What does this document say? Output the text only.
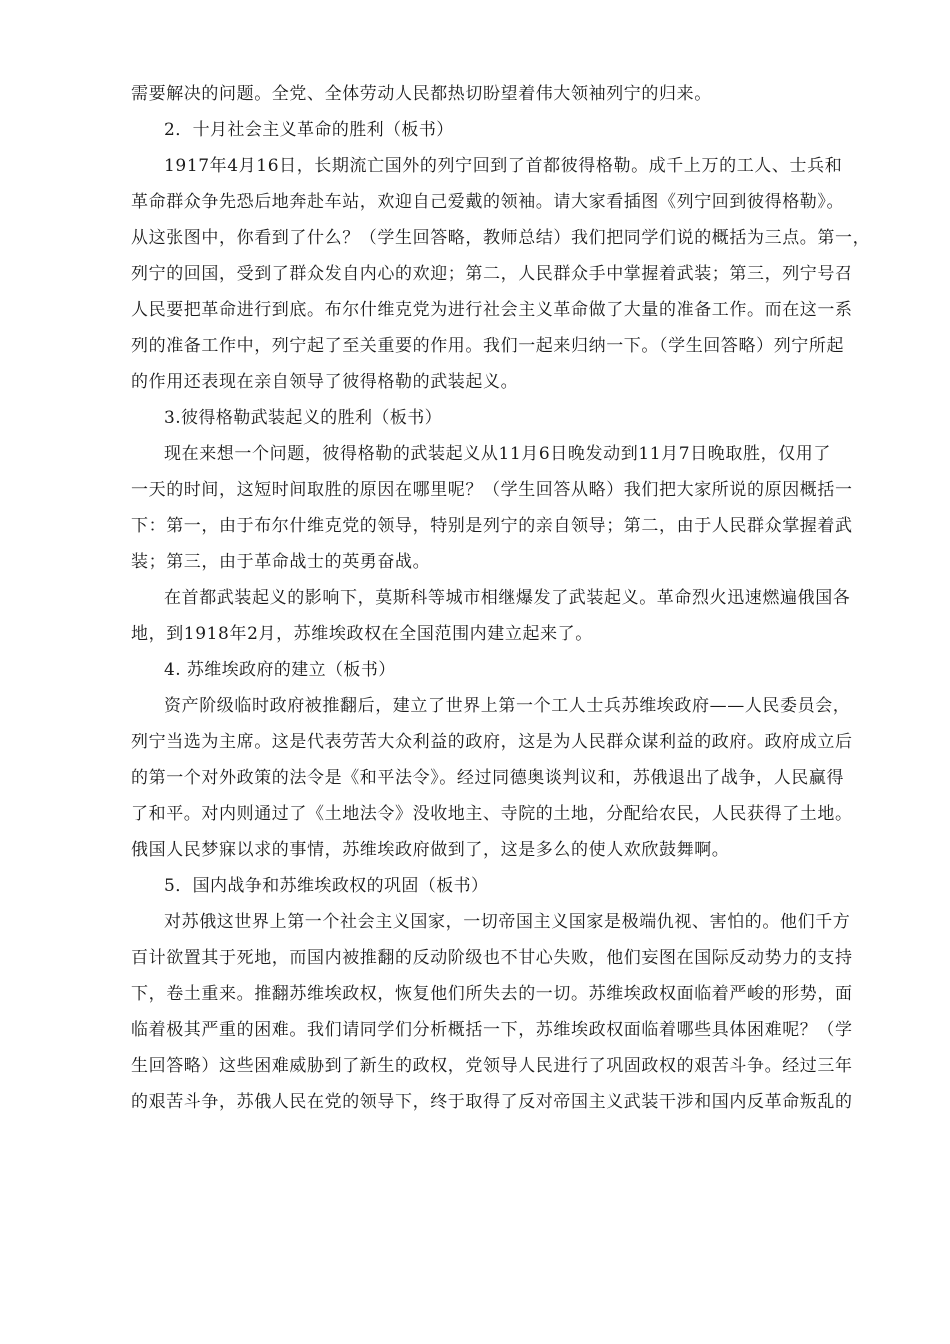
需要解决的问题。全党、全体劳动人民都热切盼望着伟大领袖列宁的归来。
2．十月社会主义革命的胜利（板书）
1917年4月16日，长期流亡国外的列宁回到了首都彼得格勒。成千上万的工人、士兵和
革命群众争先恐后地奔赴车站，欢迎自己爱戴的领袖。请大家看插图《列宁回到彼得格勒》。
从这张图中，你看到了什么？（学生回答略，教师总结）我们把同学们说的概括为三点。第一，
列宁的回国，受到了群众发自内心的欢迎；第二，人民群众手中掌握着武装；第三，列宁号召
人民要把革命进行到底。布尔什维克党为进行社会主义革命做了大量的准备工作。而在这一系
列的准备工作中，列宁起了至关重要的作用。我们一起来归纳一下。（学生回答略）列宁所起
的作用还表现在亲自领导了彼得格勒的武装起义。
3.彼得格勒武装起义的胜利（板书）
现在来想一个问题，彼得格勒的武装起义从11月6日晚发动到11月7日晚取胜，仅用了
一天的时间，这短时间取胜的原因在哪里呢？（学生回答从略）我们把大家所说的原因概括一
下：第一，由于布尔什维克党的领导，特别是列宁的亲自领导；第二，由于人民群众掌握着武
装；第三，由于革命战士的英勇奋战。
在首都武装起义的影响下，莫斯科等城市相继爆发了武装起义。革命烈火迅速燃遍俄国各
地，到1918年2月，苏维埃政权在全国范围内建立起来了。
4. 苏维埃政府的建立（板书）
资产阶级临时政府被推翻后，建立了世界上第一个工人士兵苏维埃政府——人民委员会，
列宁当选为主席。这是代表劳苦大众利益的政府，这是为人民群众谋利益的政府。政府成立后
的第一个对外政策的法令是《和平法令》。经过同德奥谈判议和，苏俄退出了战争，人民赢得
了和平。对内则通过了《土地法令》没收地主、寺院的土地，分配给农民，人民获得了土地。
俄国人民梦寐以求的事情，苏维埃政府做到了，这是多么的使人欢欣鼓舞啊。
5．国内战争和苏维埃政权的巩固（板书）
对苏俄这世界上第一个社会主义国家，一切帝国主义国家是极端仇视、害怕的。他们千方
百计欲置其于死地，而国内被推翻的反动阶级也不甘心失败，他们妄图在国际反动势力的支持
下，卷土重来。推翻苏维埃政权，恢复他们所失去的一切。苏维埃政权面临着严峻的形势，面
临着极其严重的困难。我们请同学们分析概括一下，苏维埃政权面临着哪些具体困难呢？（学
生回答略）这些困难威胁到了新生的政权，党领导人民进行了巩固政权的艰苦斗争。经过三年
的艰苦斗争，苏俄人民在党的领导下，终于取得了反对帝国主义武装干涉和国内反革命叛乱的
